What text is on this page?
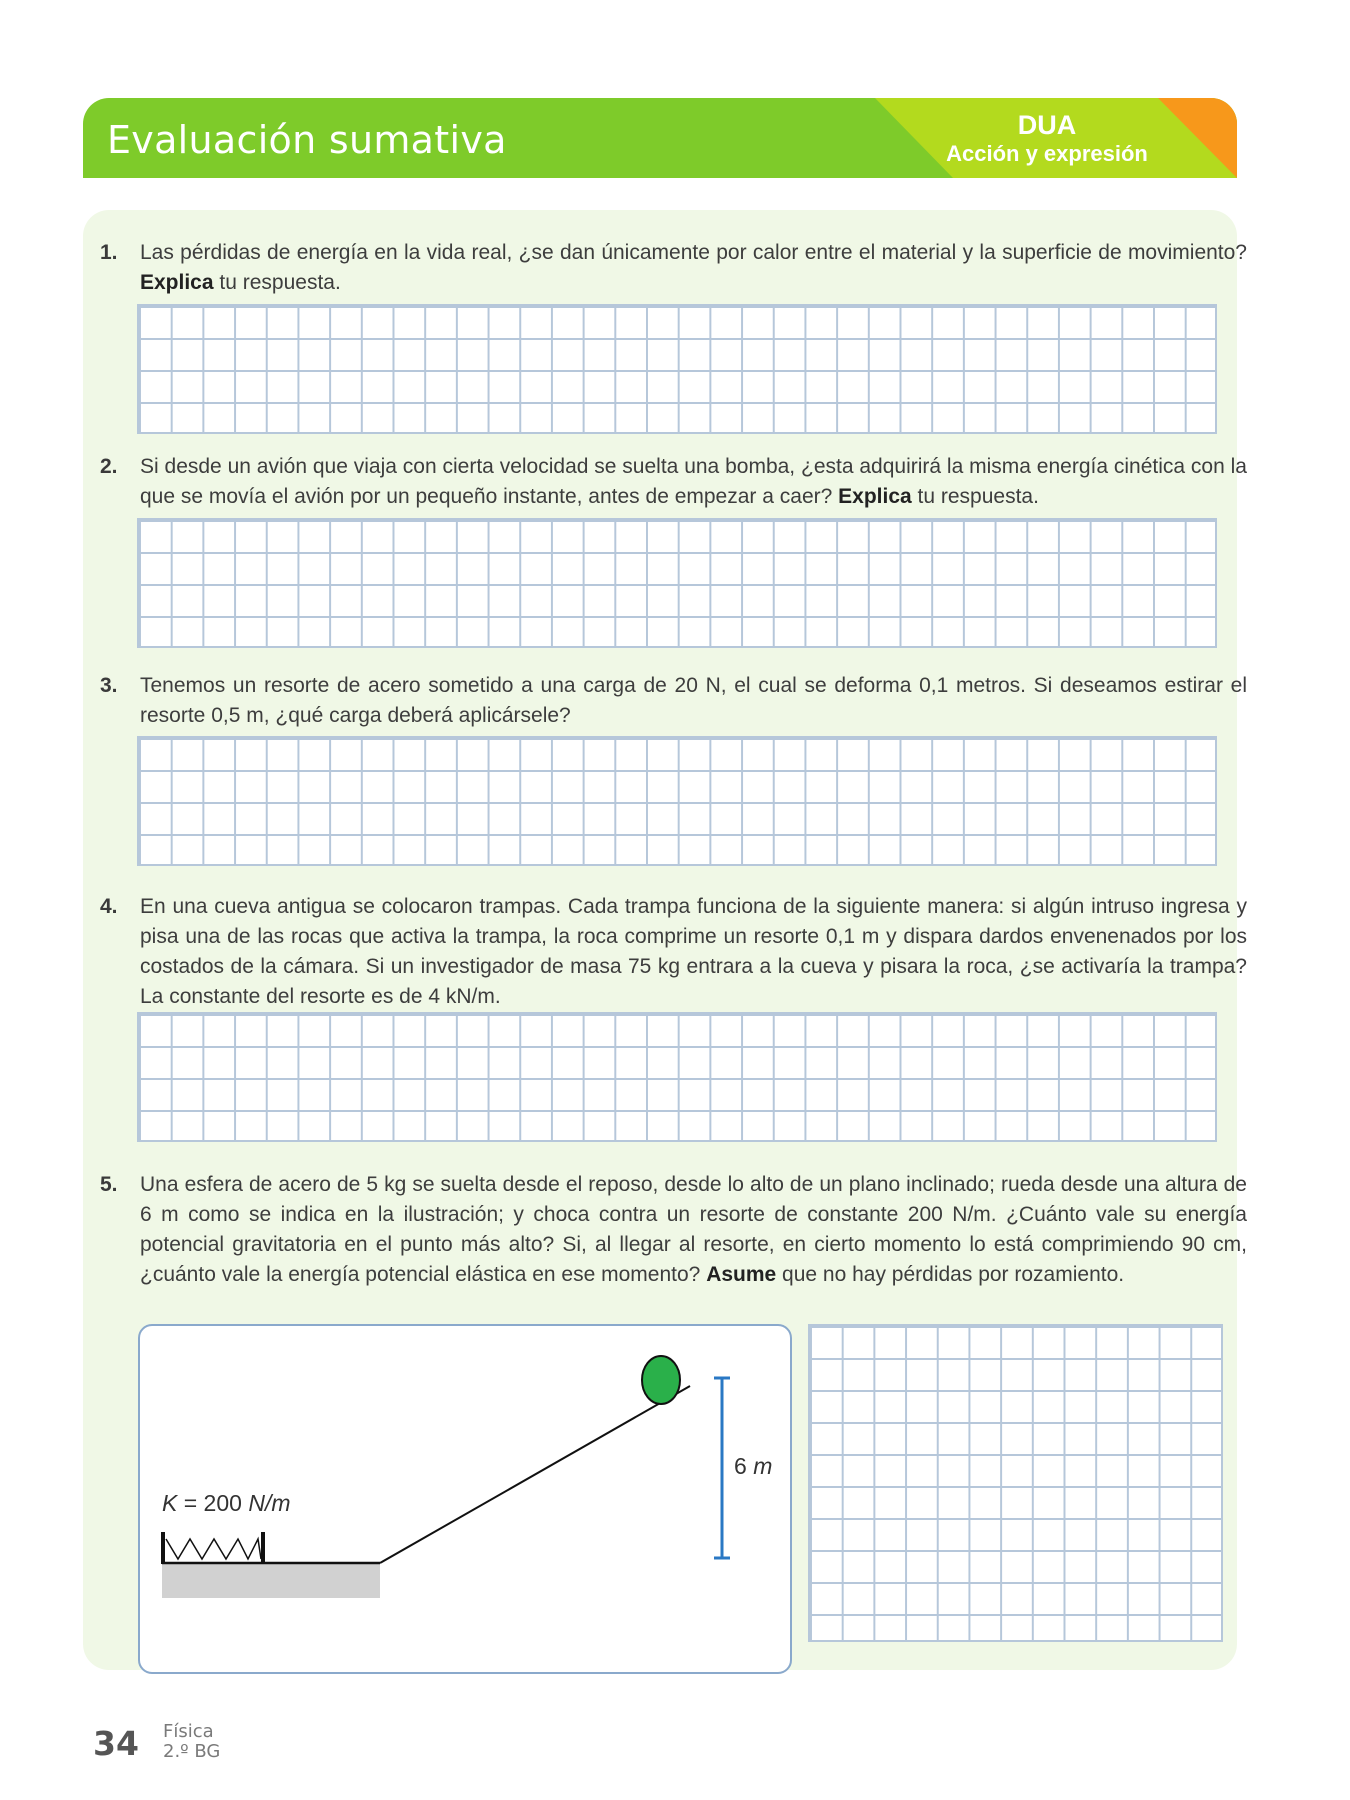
Evaluación sumativa	DUA
Acción y expresión
1. Las pérdidas de energía en la vida real, ¿se dan únicamente por calor entre el material y la superficie de movimiento? Explica tu respuesta.
2. Si desde un avión que viaja con cierta velocidad se suelta una bomba, ¿esta adquirirá la misma energía cinética con la que se movía el avión por un pequeño instante, antes de empezar a caer? Explica tu respuesta.
3. Tenemos un resorte de acero sometido a una carga de 20 N, el cual se deforma 0,1 metros. Si deseamos estirar el resorte 0,5 m, ¿qué carga deberá aplicársele?
4. En una cueva antigua se colocaron trampas. Cada trampa funciona de la siguiente manera: si algún intruso ingresa y pisa una de las rocas que activa la trampa, la roca comprime un resorte 0,1 m y dispara dardos envenenados por los costados de la cámara. Si un investigador de masa 75 kg entrara a la cueva y pisara la roca, ¿se activaría la trampa? La constante del resorte es de 4 kN/m.
5. Una esfera de acero de 5 kg se suelta desde el reposo, desde lo alto de un plano inclinado; rueda desde una altura de 6 m como se indica en la ilustración; y choca contra un resorte de constante 200 N/m. ¿Cuánto vale su energía potencial gravitatoria en el punto más alto? Si, al llegar al resorte, en cierto momento lo está comprimiendo 90 cm, ¿cuánto vale la energía potencial elástica en ese momento? Asume que no hay pérdidas por rozamiento.
K = 200 N/m
6 m
34 Física
2.º BG
